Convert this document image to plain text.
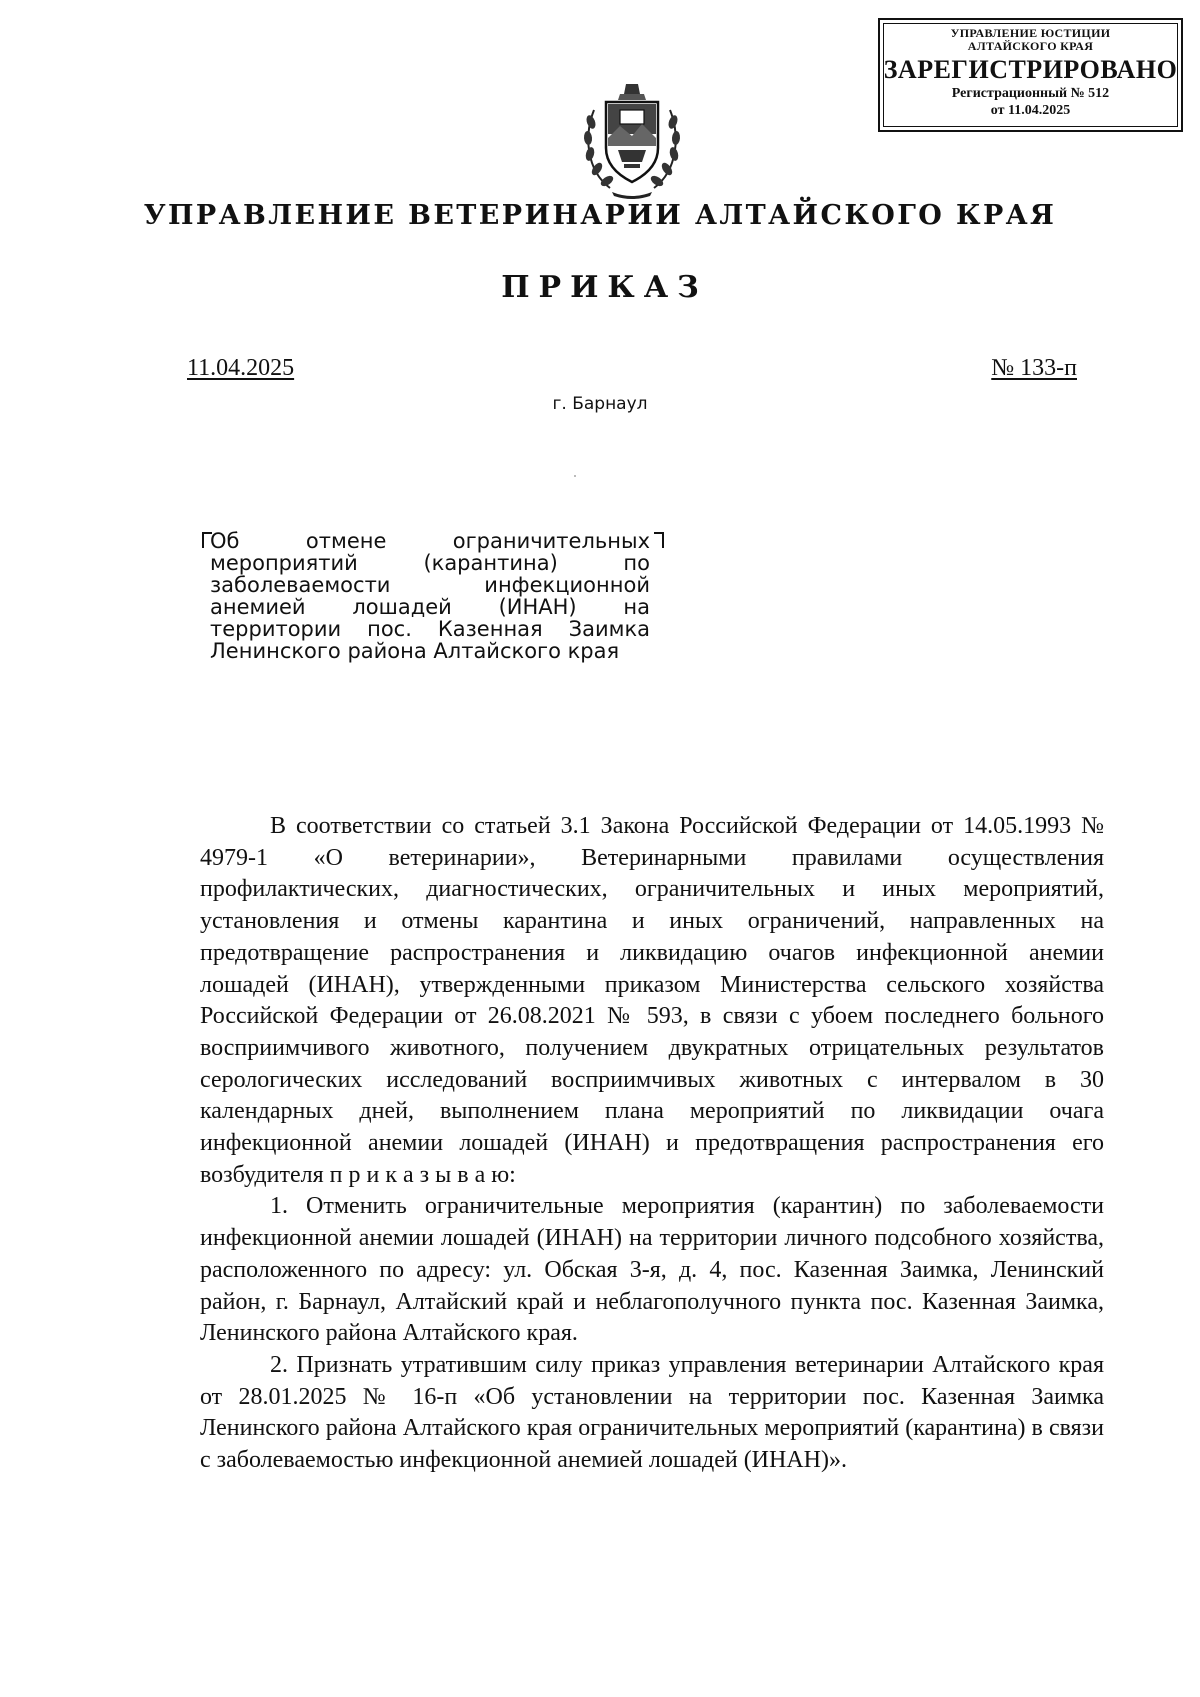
УПРАВЛЕНИЕ ЮСТИЦИИ
АЛТАЙСКОГО КРАЯ
ЗАРЕГИСТРИРОВАНО
Регистрационный № 512
от 11.04.2025
УПРАВЛЕНИЕ ВЕТЕРИНАРИИ АЛТАЙСКОГО КРАЯ
ПРИКАЗ
11.04.2025	№ 133-п
г. Барнаул
Об отмене ограничительных мероприятий (карантина) по заболеваемости инфекционной анемией лошадей (ИНАН) на территории пос. Казенная Заимка Ленинского района Алтайского края

В соответствии со статьей 3.1 Закона Российской Федерации от 14.05.1993 № 4979-1 «О ветеринарии», Ветеринарными правилами осуществления профилактических, диагностических, ограничительных и иных мероприятий, установления и отмены карантина и иных ограничений, направленных на предотвращение распространения и ликвидацию очагов инфекционной анемии лошадей (ИНАН), утвержденными приказом Министерства сельского хозяйства Российской Федерации от 26.08.2021 № 593, в связи с убоем последнего больного восприимчивого животного, получением двукратных отрицательных результатов серологических исследований восприимчивых животных с интервалом в 30 календарных дней, выполнением плана мероприятий по ликвидации очага инфекционной анемии лошадей (ИНАН) и предотвращения распространения его возбудителя п р и к а з ы в а ю:

1. Отменить ограничительные мероприятия (карантин) по заболеваемости инфекционной анемии лошадей (ИНАН) на территории личного подсобного хозяйства, расположенного по адресу: ул. Обская 3-я, д. 4, пос. Казенная Заимка, Ленинский район, г. Барнаул, Алтайский край и неблагополучного пункта пос. Казенная Заимка, Ленинского района Алтайского края.

2. Признать утратившим силу приказ управления ветеринарии Алтайского края от 28.01.2025 № 16-п «Об установлении на территории пос. Казенная Заимка Ленинского района Алтайского края ограничительных мероприятий (карантина) в связи с заболеваемостью инфекционной анемией лошадей (ИНАН)».
